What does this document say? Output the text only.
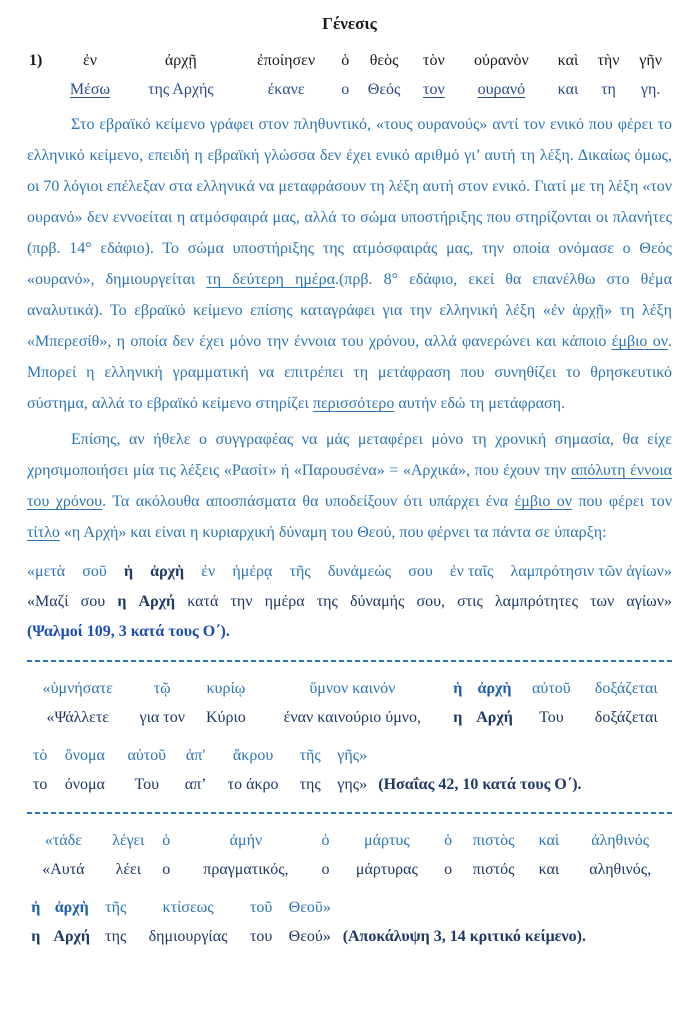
Γένεσις
1)	ἐν	ἀρχῇ	ἐποίησεν	ὁ	θεὸς	τὸν	οὐρανὸν	καὶ	τὴν	γῆν
	Μέσω	της Αρχής	έκανε	ο	Θεός	τον	ουρανό	και	τη	γη.

Στο εβραϊκό κείμενο γράφει στον πληθυντικό, «τους ουρανούς» αντί τον ενικό που φέρει το ελληνικό κείμενο, επειδή η εβραϊκή γλώσσα δεν έχει ενικό αριθμό γι’ αυτή τη λέξη. Δικαίως όμως, οι 70 λόγιοι επέλεξαν στα ελληνικά να μεταφράσουν τη λέξη αυτή στον ενικό. Γιατί με τη λέξη «τον ουρανό» δεν εννοείται η ατμόσφαιρά μας, αλλά το σώμα υποστήριξης που στηρίζονται οι πλανήτες (πρβ. 14° εδάφιο). Το σώμα υποστήριξης της ατμόσφαιράς μας, την οποία ονόμασε ο Θεός «ουρανό», δημιουργείται τη δεύτερη ημέρα.(πρβ. 8° εδάφιο, εκεί θα επανέλθω στο θέμα αναλυτικά). Το εβραϊκό κείμενο επίσης καταγράφει για την ελληνική λέξη «ἐν ἀρχῇ» τη λέξη «Μπερεσίθ», η οποία δεν έχει μόνο την έννοια του χρόνου, αλλά φανερώνει και κάποιο έμβιο ον. Μπορεί η ελληνική γραμματική να επιτρέπει τη μετάφραση που συνηθίζει το θρησκευτικό σύστημα, αλλά το εβραϊκό κείμενο στηρίζει περισσότερο αυτήν εδώ τη μετάφραση.

Επίσης, αν ήθελε ο συγγραφέας να μάς μεταφέρει μόνο τη χρονική σημασία, θα είχε χρησιμοποιήσει μία τις λέξεις «Ρασίτ» ή «Παρουσένα» = «Αρχικά», που έχουν την απόλυτη έννοια του χρόνου. Τα ακόλουθα αποσπάσματα θα υποδείξουν ότι υπάρχει ένα έμβιο ον που φέρει τον τίτλο «η Αρχή» και είναι η κυριαρχική δύναμη του Θεού, που φέρνει τα πάντα σε ύπαρξη:

«μετὰ σοῦ ἡ ἀρχὴ ἐν ἡμέρᾳ τῆς δυνάμεώς σου ἐν ταῖς λαμπρότησιν τῶν ἁγίων»
«Μαζί σου η Αρχή κατά την ημέρα της δύναμής σου, στις λαμπρότητες των αγίων»
(Ψαλμοί 109, 3 κατά τους Ο΄).
«ὑμνήσατε	τῷ	κυρίῳ	ὕμνον καινόν	ἡ	ἀρχὴ	αὐτοῦ	δοξάζεται
«Ψάλλετε	για τον	Κύριο	έναν καινούριο ύμνο,	η	Αρχή	Του	δοξάζεται
τὸ	ὄνομα	αὐτοῦ	ἀπ'	ἄκρου	τῆς	γῆς»	
το	όνομα	Του	απ’	το άκρο	της	γης»	(Ησαΐας 42, 10 κατά τους Ο΄).
«τάδε	λέγει	ὁ	ἀμήν	ὁ	μάρτυς	ὁ	πιστὸς	καὶ	ἀληθινός
«Αυτά	λέει	ο	πραγματικός,	ο	μάρτυρας	ο	πιστός	και	αληθινός,
ἡ	ἀρχὴ	τῆς	κτίσεως	τοῦ	Θεοῦ»	
η	Αρχή	της	δημιουργίας	του	Θεού»	(Αποκάλυψη 3, 14 κριτικό κείμενο).
